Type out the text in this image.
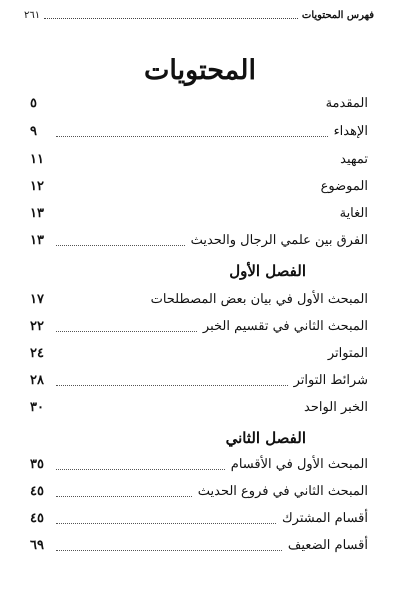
فهرس المحتويات
٢٦١
المحتويات
المقدمة
٥
الإهداء
٩
تمهيد
١١
الموضوع
١٢
الغاية
١٣
الفرق بين علمي الرجال والحديث
١٣
الفصل الأول
المبحث الأول في بيان بعض المصطلحات
١٧
المبحث الثاني في تقسيم الخبر
٢٢
المتواتر
٢٤
شرائط التواتر
٢٨
الخبر الواحد
٣٠
الفصل الثاني
المبحث الأول في الأقسام
٣٥
المبحث الثاني في فروع الحديث
٤٥
أقسام المشترك
٤٥
أقسام الضعيف
٦٩
